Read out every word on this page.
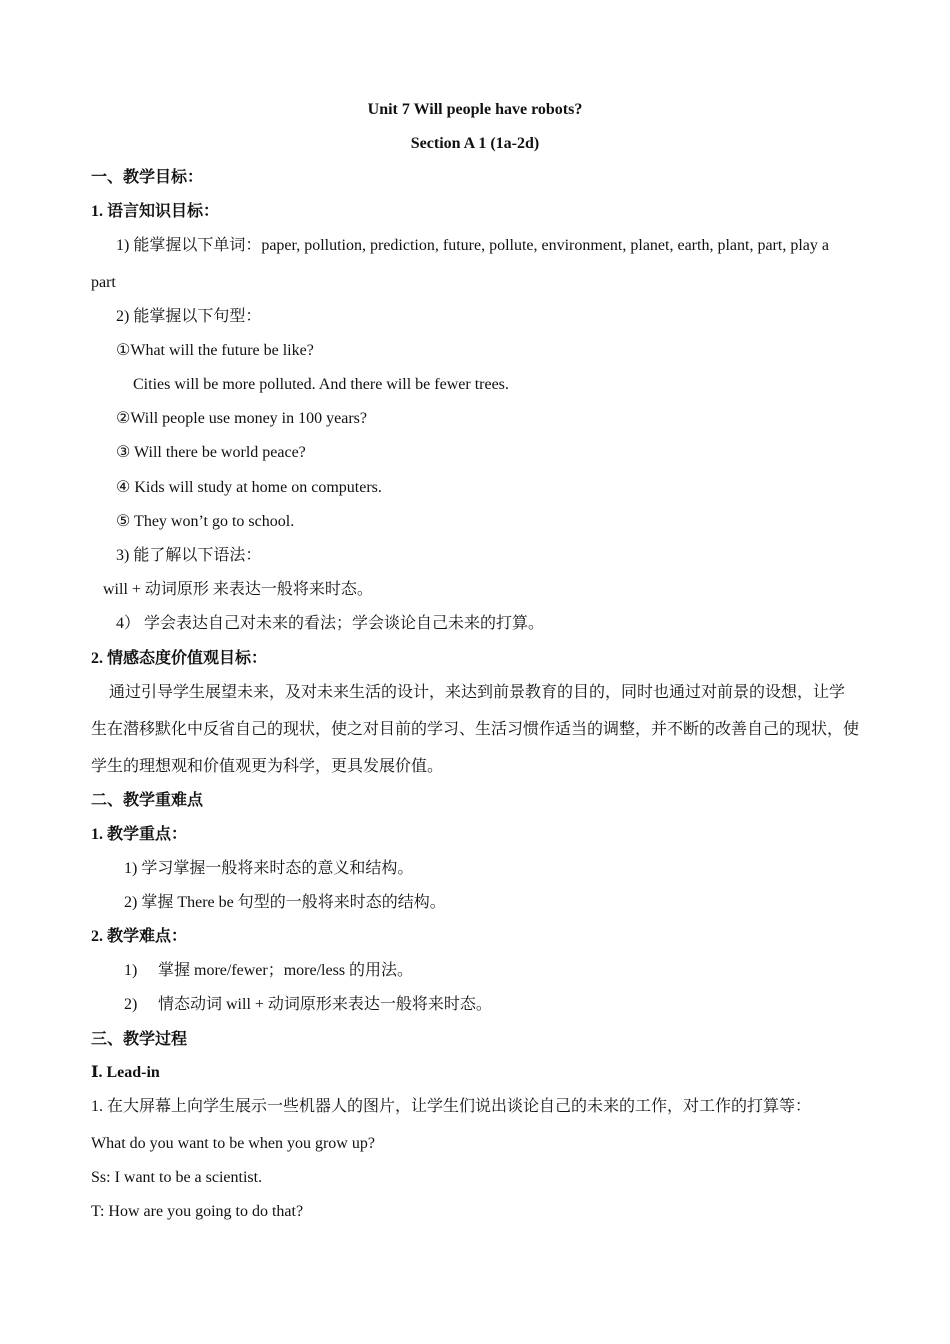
Unit 7 Will people have robots?
Section A 1 (1a-2d)
一、教学目标：
1. 语言知识目标：
1) 能掌握以下单词：paper, pollution, prediction, future, pollute, environment, planet, earth, plant, part, play a
part
2) 能掌握以下句型：
①What will the future be like?
Cities will be more polluted. And there will be fewer trees.
②Will people use money in 100 years?
③ Will there be world peace?
④ Kids will study at home on computers.
⑤ They won’t go to school.
3) 能了解以下语法：
will + 动词原形 来表达一般将来时态。
4） 学会表达自己对未来的看法；学会谈论自己未来的打算。
2. 情感态度价值观目标：
通过引导学生展望未来，及对未来生活的设计，来达到前景教育的目的，同时也通过对前景的设想，让学生在潜移默化中反省自己的现状，使之对目前的学习、生活习惯作适当的调整，并不断的改善自己的现状，使学生的理想观和价值观更为科学，更具发展价值。
二、教学重难点
1. 教学重点：
1) 学习掌握一般将来时态的意义和结构。
2) 掌握 There be 句型的一般将来时态的结构。
2. 教学难点：
1) 掌握 more/fewer；more/less 的用法。
2) 情态动词 will + 动词原形来表达一般将来时态。
三、教学过程
Ⅰ. Lead-in
1. 在大屏幕上向学生展示一些机器人的图片，让学生们说出谈论自己的未来的工作，对工作的打算等：
What do you want to be when you grow up?
Ss: I want to be a scientist.
T: How are you going to do that?
